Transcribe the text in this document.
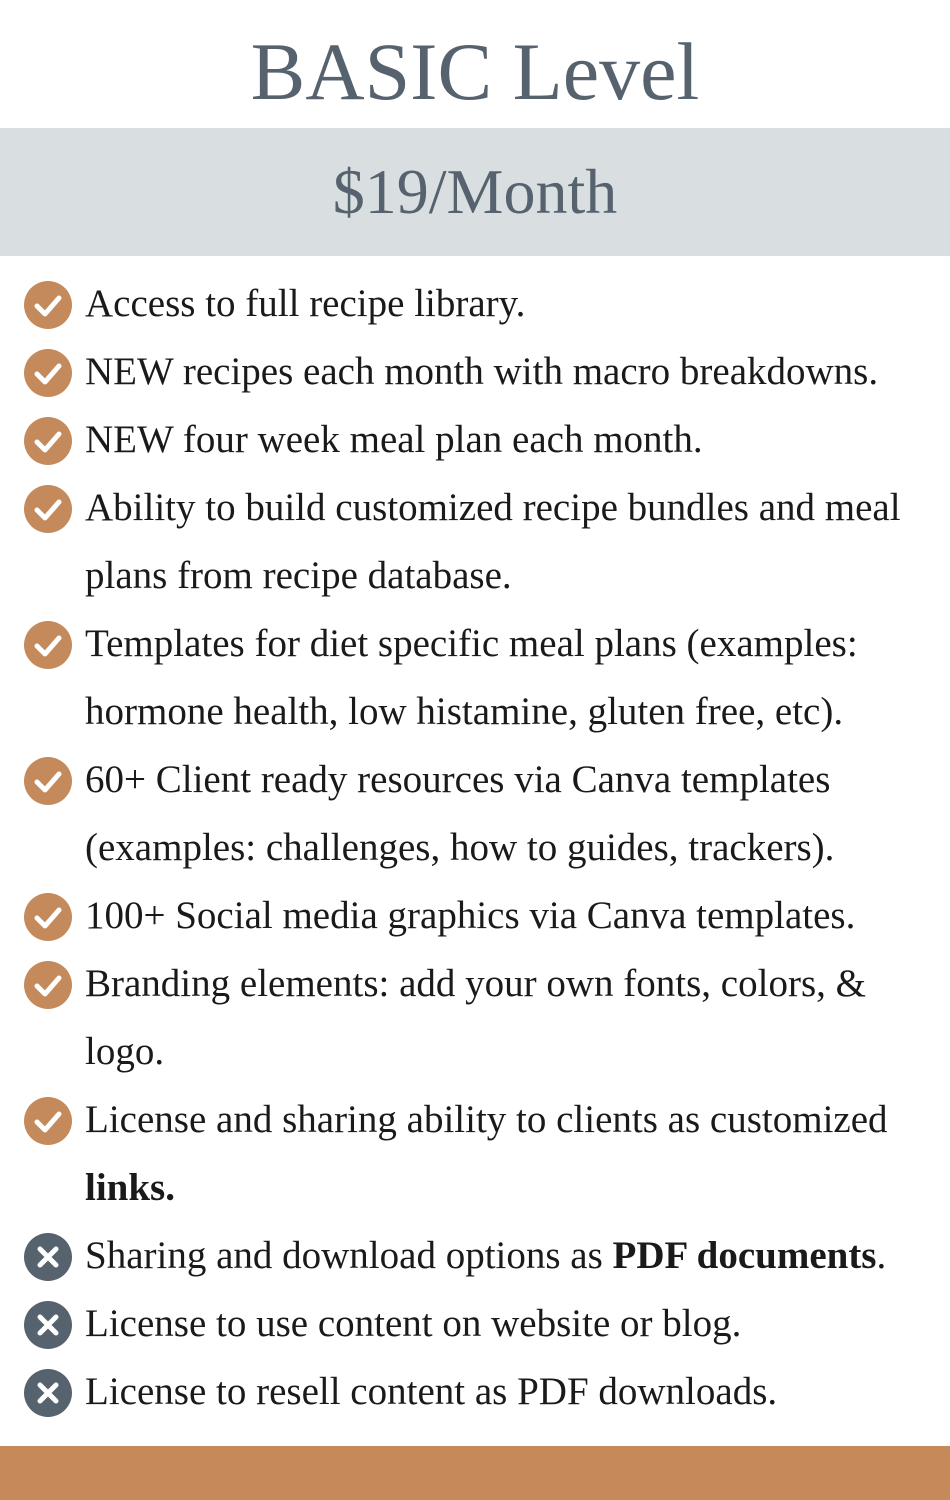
BASIC Level
$19/Month
Access to full recipe library.
NEW recipes each month with macro breakdowns.
NEW four week meal plan each month.
Ability to build customized recipe bundles and meal plans from recipe database.
Templates for diet specific meal plans (examples: hormone health, low histamine, gluten free, etc).
60+ Client ready resources via Canva templates (examples: challenges, how to guides, trackers).
100+ Social media graphics via Canva templates.
Branding elements: add your own fonts, colors, & logo.
License and sharing ability to clients as customized links.
Sharing and download options as PDF documents.
License to use content on website or blog.
License to resell content as PDF downloads.
